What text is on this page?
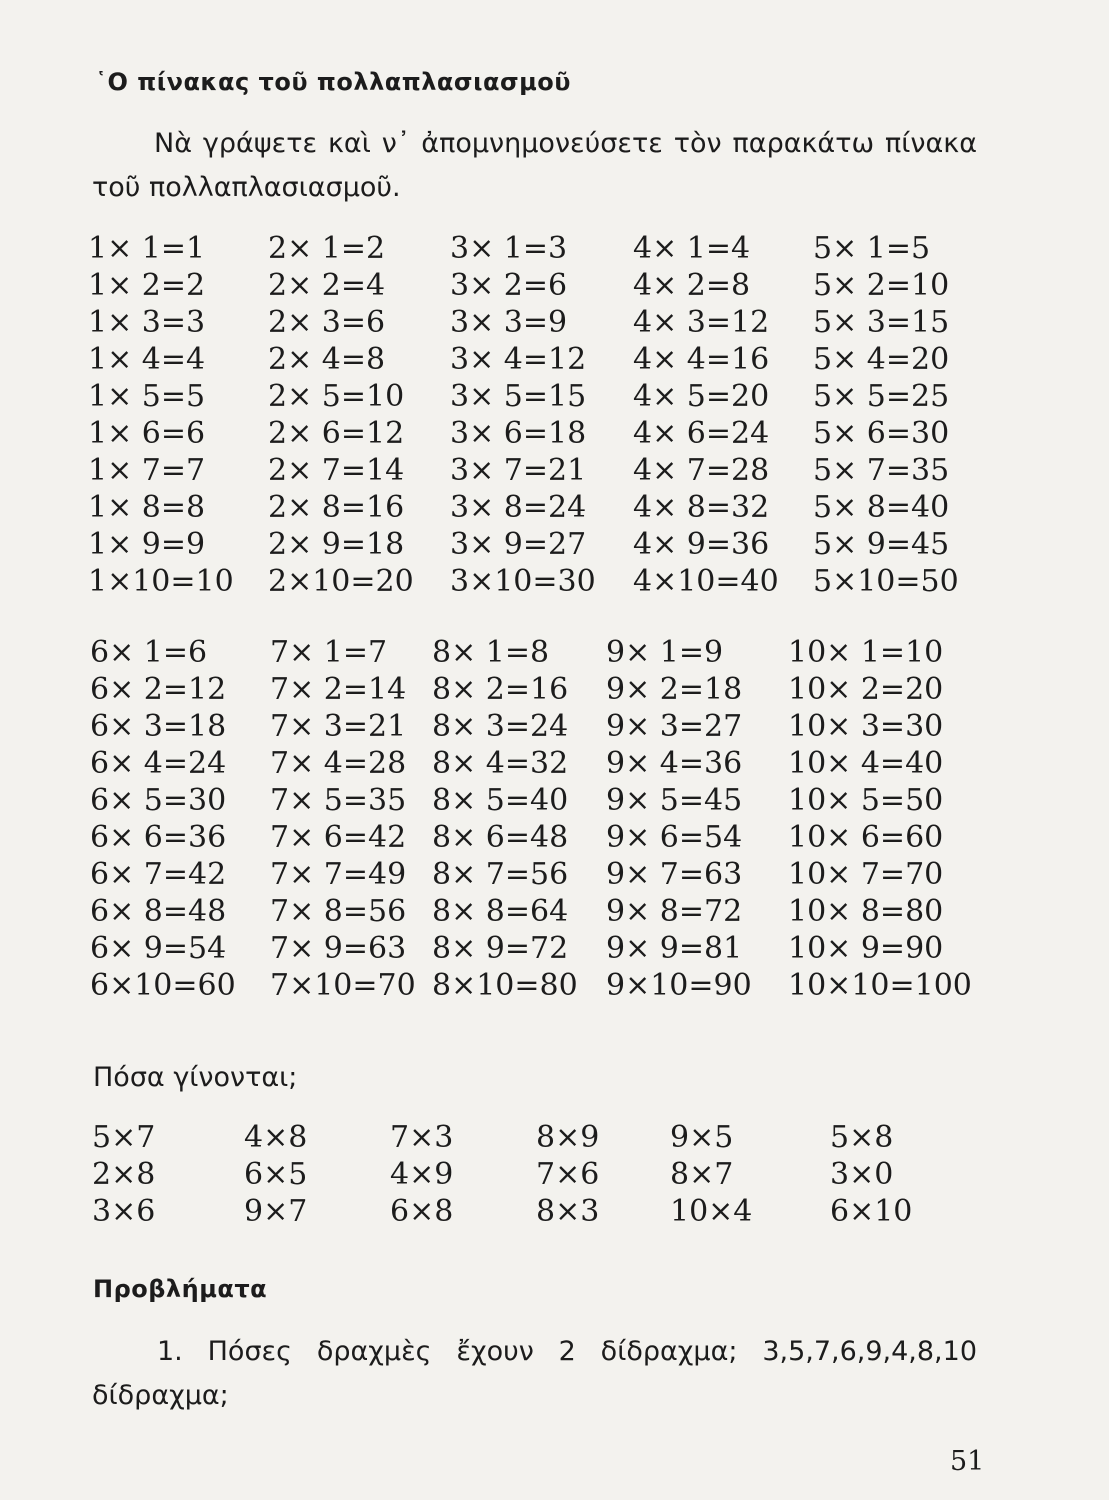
῾Ο πίνακας τοῦ πολλαπλασιασμοῦ
Νὰ γράψετε καὶ ν᾽ ἀπομνημονεύσετε τὸν παρακάτω πίνακα τοῦ πολλαπλασιασμοῦ.
1× 1=1 2× 1=2 3× 1=3 4× 1=4 5× 1=5
1× 2=2 2× 2=4 3× 2=6 4× 2=8 5× 2=10
1× 3=3 2× 3=6 3× 3=9 4× 3=12 5× 3=15
1× 4=4 2× 4=8 3× 4=12 4× 4=16 5× 4=20
1× 5=5 2× 5=10 3× 5=15 4× 5=20 5× 5=25
1× 6=6 2× 6=12 3× 6=18 4× 6=24 5× 6=30
1× 7=7 2× 7=14 3× 7=21 4× 7=28 5× 7=35
1× 8=8 2× 8=16 3× 8=24 4× 8=32 5× 8=40
1× 9=9 2× 9=18 3× 9=27 4× 9=36 5× 9=45
1×10=10 2×10=20 3×10=30 4×10=40 5×10=50
6× 1=6 7× 1=7 8× 1=8 9× 1=9 10× 1=10
6× 2=12 7× 2=14 8× 2=16 9× 2=18 10× 2=20
6× 3=18 7× 3=21 8× 3=24 9× 3=27 10× 3=30
6× 4=24 7× 4=28 8× 4=32 9× 4=36 10× 4=40
6× 5=30 7× 5=35 8× 5=40 9× 5=45 10× 5=50
6× 6=36 7× 6=42 8× 6=48 9× 6=54 10× 6=60
6× 7=42 7× 7=49 8× 7=56 9× 7=63 10× 7=70
6× 8=48 7× 8=56 8× 8=64 9× 8=72 10× 8=80
6× 9=54 7× 9=63 8× 9=72 9× 9=81 10× 9=90
6×10=60 7×10=70 8×10=80 9×10=90 10×10=100
Πόσα γίνονται;
5×7	4×8	7×3	8×9 9×5	5×8
2×8	6×5	4×9	7×6 8×7	3×0
3×6	9×7	6×8	8×3 10×4	6×10
Προβλήματα
1. Πόσες δραχμὲς ἔχουν 2 δίδραχμα; 3,5,7,6,9,4,8,10 δίδραχμα;
51
